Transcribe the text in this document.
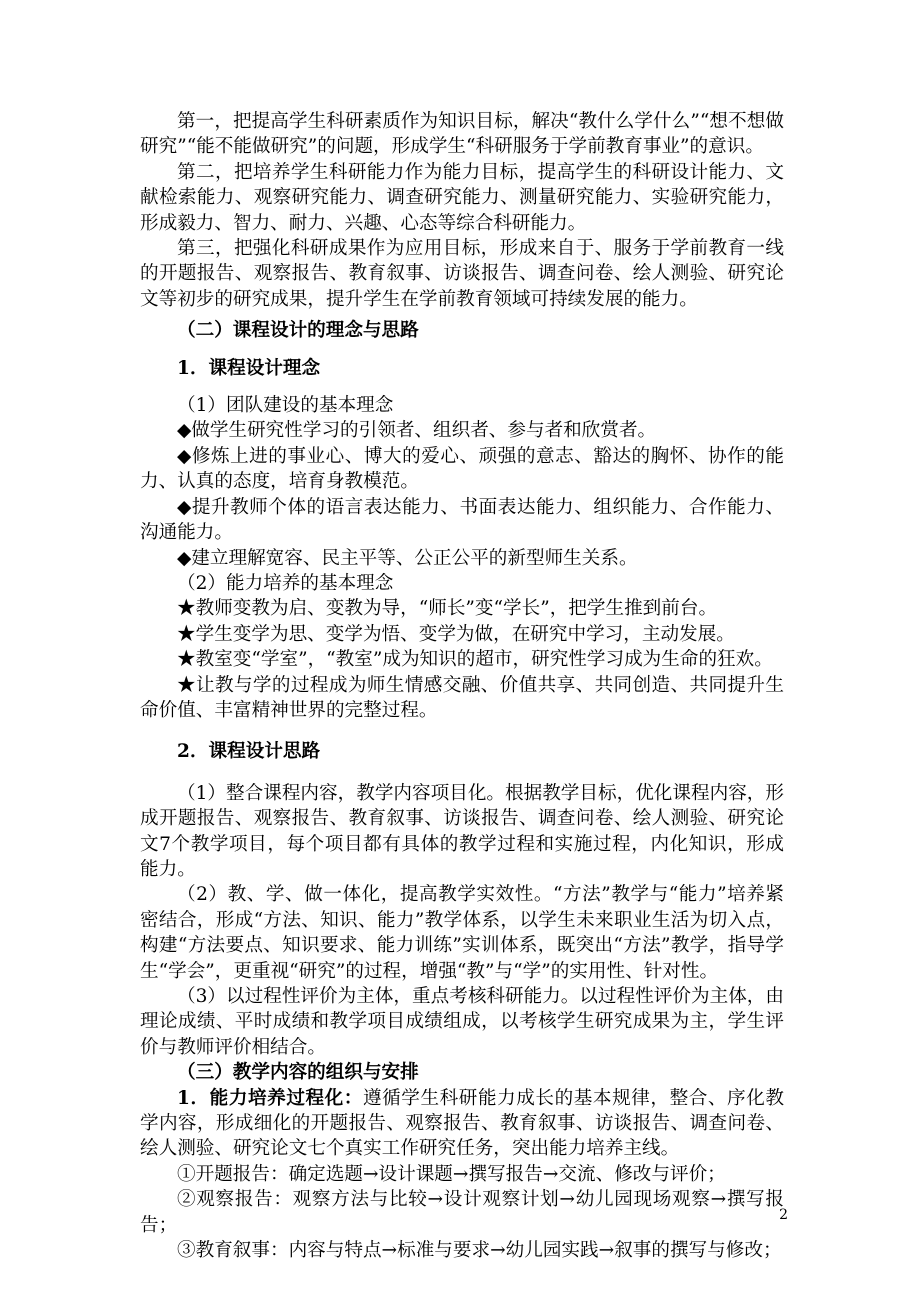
第一，把提高学生科研素质作为知识目标，解决“教什么学什么”“想不想做研究”“能不能做研究”的问题，形成学生“科研服务于学前教育事业”的意识。

第二，把培养学生科研能力作为能力目标，提高学生的科研设计能力、文献检索能力、观察研究能力、调查研究能力、测量研究能力、实验研究能力，形成毅力、智力、耐力、兴趣、心态等综合科研能力。

第三，把强化科研成果作为应用目标，形成来自于、服务于学前教育一线的开题报告、观察报告、教育叙事、访谈报告、调查问卷、绘人测验、研究论文等初步的研究成果，提升学生在学前教育领域可持续发展的能力。

（二）课程设计的理念与思路

1．课程设计理念

（1）团队建设的基本理念

◆做学生研究性学习的引领者、组织者、参与者和欣赏者。

◆修炼上进的事业心、博大的爱心、顽强的意志、豁达的胸怀、协作的能力、认真的态度，培育身教模范。

◆提升教师个体的语言表达能力、书面表达能力、组织能力、合作能力、沟通能力。

◆建立理解宽容、民主平等、公正公平的新型师生关系。

（2）能力培养的基本理念

★教师变教为启、变教为导，“师长”变“学长”，把学生推到前台。

★学生变学为思、变学为悟、变学为做，在研究中学习，主动发展。

★教室变“学室”，“教室”成为知识的超市，研究性学习成为生命的狂欢。

★让教与学的过程成为师生情感交融、价值共享、共同创造、共同提升生命价值、丰富精神世界的完整过程。

2．课程设计思路

（1）整合课程内容，教学内容项目化。根据教学目标，优化课程内容，形成开题报告、观察报告、教育叙事、访谈报告、调查问卷、绘人测验、研究论文7个教学项目，每个项目都有具体的教学过程和实施过程，内化知识，形成能力。

（2）教、学、做一体化，提高教学实效性。“方法”教学与“能力”培养紧密结合，形成“方法、知识、能力”教学体系，以学生未来职业生活为切入点，构建“方法要点、知识要求、能力训练”实训体系，既突出“方法”教学，指导学生“学会”，更重视“研究”的过程，增强“教”与“学”的实用性、针对性。

（3）以过程性评价为主体，重点考核科研能力。以过程性评价为主体，由理论成绩、平时成绩和教学项目成绩组成，以考核学生研究成果为主，学生评价与教师评价相结合。

（三）教学内容的组织与安排

1．能力培养过程化：遵循学生科研能力成长的基本规律，整合、序化教学内容，形成细化的开题报告、观察报告、教育叙事、访谈报告、调查问卷、绘人测验、研究论文七个真实工作研究任务，突出能力培养主线。

①开题报告：确定选题→设计课题→撰写报告→交流、修改与评价；

②观察报告：观察方法与比较→设计观察计划→幼儿园现场观察→撰写报告；

③教育叙事：内容与特点→标准与要求→幼儿园实践→叙事的撰写与修改；

2
